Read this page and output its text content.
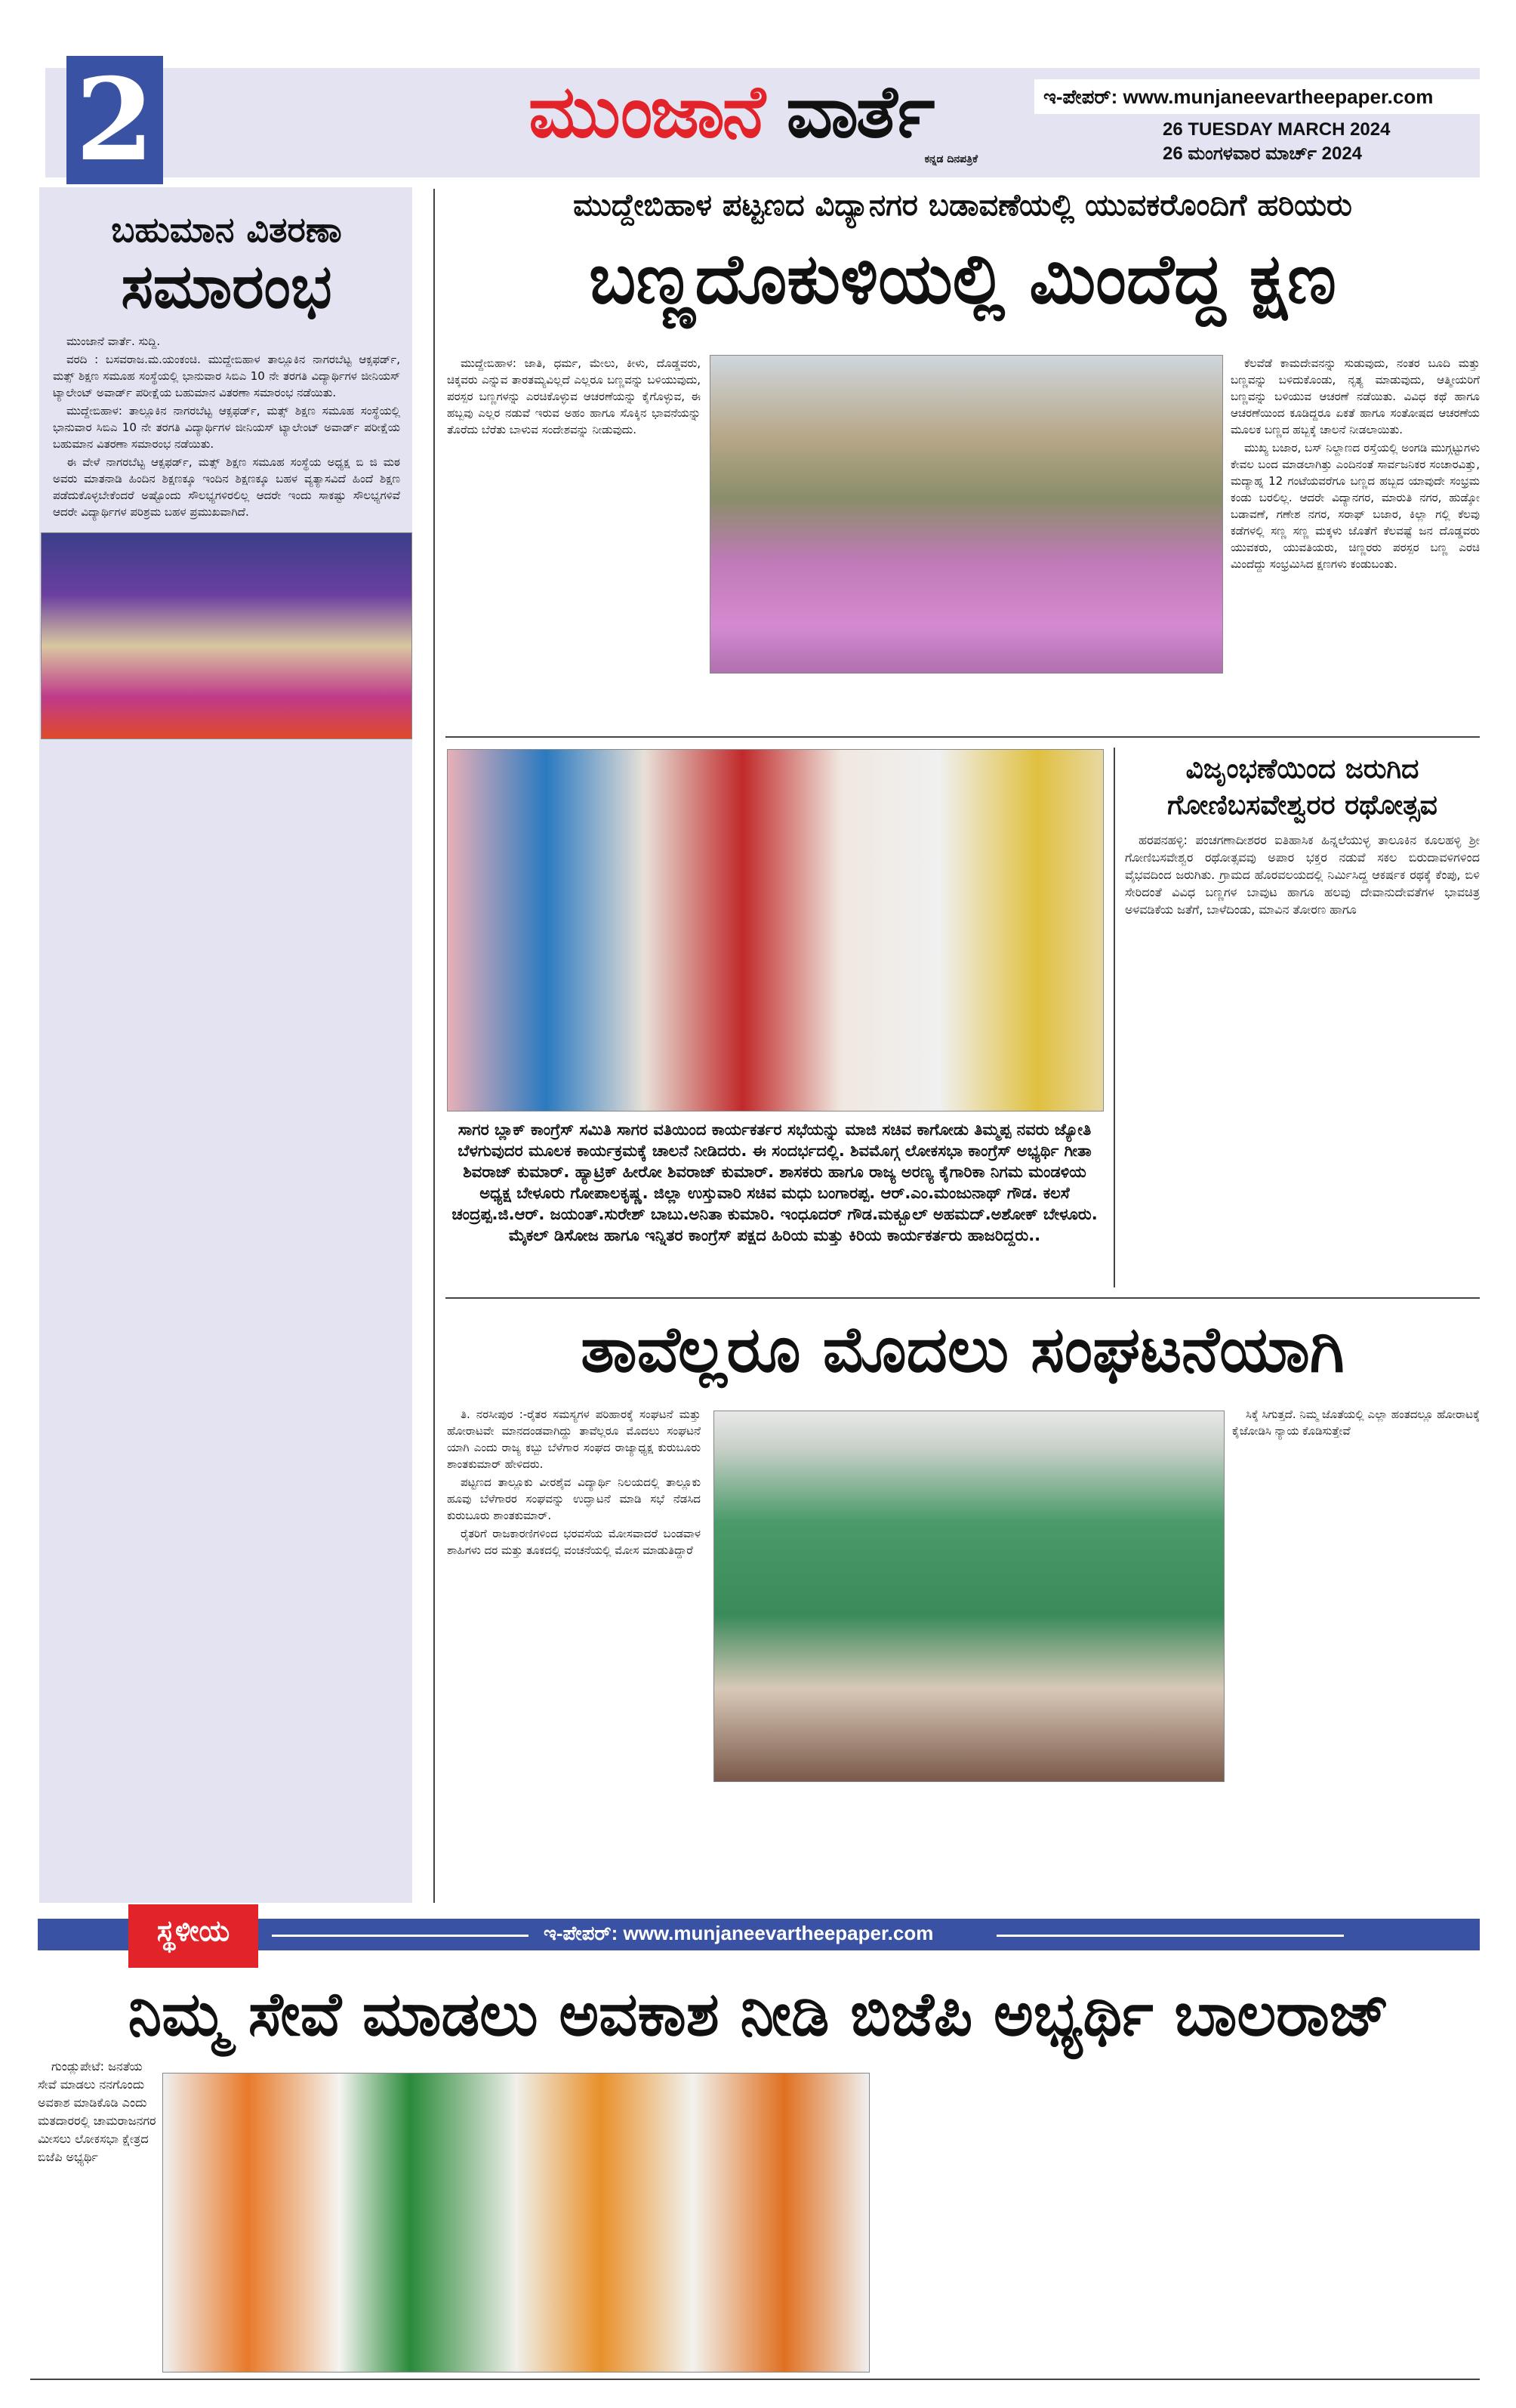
2	ಮುಂಜಾನೆ ವಾರ್ತೆ
ಕನ್ನಡ ದಿನಪತ್ರಿಕೆ
ಇ-ಪೇಪರ್: www.munjaneevartheepaper.com
26 TUESDAY MARCH 2024
26 ಮಂಗಳವಾರ ಮಾರ್ಚ್ 2024
ಬಹುಮಾನ ವಿತರಣಾ
ಸಮಾರಂಭ

ಮುಂಜಾನೆ ವಾರ್ತೆ. ಸುದ್ದಿ.

ವರದಿ : ಬಸವರಾಜ.ಮ.ಯಂಕಂಚಿ. ಮುದ್ದೇಬಿಹಾಳ ತಾಲ್ಲೂಕಿನ ನಾಗರಬೆಟ್ಟ ಆಕ್ಸಫರ್ಡ್, ಮತ್ಸ್ ಶಿಕ್ಷಣ ಸಮೂಹ ಸಂಸ್ಥೆಯಲ್ಲಿ ಭಾನುವಾರ ಸಿಬಿಎ 10 ನೇ ತರಗತಿ ವಿದ್ಯಾರ್ಥಿಗಳ ಜೀನಿಯಸ್ ಟ್ಯಾಲೇಂಟ್ ಅವಾರ್ಡ್ ಪರೀಕ್ಷೆಯ ಬಹುಮಾನ ವಿತರಣಾ ಸಮಾರಂಭ ನಡೆಯಿತು.

ಮುದ್ದೇಬಿಹಾಳ: ತಾಲ್ಲೂಕಿನ ನಾಗರಬೆಟ್ಟ ಆಕ್ಸಫರ್ಡ್, ಮತ್ಸ್ ಶಿಕ್ಷಣ ಸಮೂಹ ಸಂಸ್ಥೆಯಲ್ಲಿ ಭಾನುವಾರ ಸಿಬಿಎ 10 ನೇ ತರಗತಿ ವಿದ್ಯಾರ್ಥಿಗಳ ಜೀನಿಯಸ್ ಟ್ಯಾಲೇಂಟ್ ಅವಾರ್ಡ್ ಪರೀಕ್ಷೆಯ ಬಹುಮಾನ ವಿತರಣಾ ಸಮಾರಂಭ ನಡೆಯಿತು.

ಈ ವೇಳೆ ನಾಗರಬೆಟ್ಟ ಆಕ್ಸಫರ್ಡ್, ಮತ್ಸ್ ಶಿಕ್ಷಣ ಸಮೂಹ ಸಂಸ್ಥೆಯ ಅಧ್ಯಕ್ಷ ಬಿ ಜಿ ಮಠ ಅವರು ಮಾತನಾಡಿ ಹಿಂದಿನ ಶಿಕ್ಷಣಕ್ಕೂ ಇಂದಿನ ಶಿಕ್ಷಣಕ್ಕೂ ಬಹಳ ವ್ಯತ್ಯಾಸವಿದೆ ಹಿಂದೆ ಶಿಕ್ಷಣ ಪಡೆದುಕೊಳ್ಳಬೇಕೆಂದರೆ ಅಷ್ಟೊಂದು ಸೌಲಭ್ಯಗಳಿರಲಿಲ್ಲ ಆದರೇ ಇಂದು ಸಾಕಷ್ಟು ಸೌಲಭ್ಯಗಳಿವೆ ಆದರೇ ವಿದ್ಯಾರ್ಥಿಗಳ ಪರಿಶ್ರಮ ಬಹಳ ಪ್ರಮುಖವಾಗಿದೆ.

ಮುದ್ದೇಬಿಹಾಳ ಪಟ್ಟಣದ ವಿದ್ಯಾನಗರ ಬಡಾವಣೆಯಲ್ಲಿ ಯುವಕರೊಂದಿಗೆ ಹರಿಯರು
ಬಣ್ಣದೊಕುಳಿಯಲ್ಲಿ ಮಿಂದೆದ್ದ ಕ್ಷಣ

ಮುದ್ದೇಬಿಹಾಳ: ಜಾತಿ, ಧರ್ಮ, ಮೇಲು, ಕೀಳು, ದೊಡ್ಡವರು, ಚಿಕ್ಕವರು ಎನ್ನುವ ತಾರತಮ್ಯವಿಲ್ಲದೆ ಎಲ್ಲರೂ ಬಣ್ಣವನ್ನು ಬಳಿಯುವುದು, ಪರಸ್ಪರ ಬಣ್ಣಗಳನ್ನು ಎರಚಿಕೊಳ್ಳುವ ಆಚರಣೆಯನ್ನು ಕೈಗೊಳ್ಳುವ, ಈ ಹಬ್ಬವು ಎಲ್ಲರ ನಡುವೆ ಇರುವ ಅಹಂ ಹಾಗೂ ಸೊಕ್ಕಿನ ಭಾವನೆಯನ್ನು ತೊರೆದು ಬೆರೆತು ಬಾಳುವ ಸಂದೇಶವನ್ನು ನೀಡುವುದು.

ಕೆಲವೆಡೆ ಕಾಮದೇವನನ್ನು ಸುಡುವುದು, ನಂತರ ಬೂದಿ ಮತ್ತು ಬಣ್ಣವನ್ನು ಬಳಿದುಕೊಂಡು, ನೃತ್ಯ ಮಾಡುವುದು, ಆತ್ಮೀಯರಿಗೆ ಬಣ್ಣವನ್ನು ಬಳಿಯುವ ಆಚರಣೆ ನಡೆಯಿತು. ವಿವಿಧ ಕಥೆ ಹಾಗೂ ಆಚರಣೆಯಿಂದ ಕೂಡಿದ್ದರೂ ಏಕತೆ ಹಾಗೂ ಸಂತೋಷದ ಆಚರಣೆಯ ಮೂಲಕ ಬಣ್ಣದ ಹಬ್ಬಕ್ಕೆ ಚಾಲನೆ ನೀಡಲಾಯಿತು.

ಮುಖ್ಯ ಬಜಾರ, ಬಸ್ ನಿಲ್ದಾಣದ ರಸ್ತೆಯಲ್ಲಿ ಅಂಗಡಿ ಮುಗ್ಗಟ್ಟುಗಳು ಕೇವಲ ಬಂದ ಮಾಡಲಾಗಿತ್ತು ಎಂದಿನಂತೆ ಸಾರ್ವಜನಿಕರ ಸಂಚಾರವಿತ್ತು, ಮದ್ಯಾಹ್ನ 12 ಗಂಟೆಯವರೆಗೂ ಬಣ್ಣದ ಹಬ್ಬದ ಯಾವುದೇ ಸಂಭ್ರಮ ಕಂಡು ಬರಲಿಲ್ಲ. ಆದರೇ ವಿದ್ಯಾನಗರ, ಮಾರುತಿ ನಗರ, ಹುಡ್ಕೋ ಬಡಾವಣೆ, ಗಣೇಶ ನಗರ, ಸರಾಫ್ ಬಜಾರ, ಕಿಲ್ಲಾ ಗಲ್ಲಿ ಕೆಲವು ಕಡೆಗಳಲ್ಲಿ ಸಣ್ಣ ಸಣ್ಣ ಮಕ್ಕಳು ಜೊತೆಗೆ ಕೆಲವಷ್ಟೆ ಜನ ದೊಡ್ಡವರು ಯುವಕರು, ಯುವತಿಯರು, ಚಿಣ್ಣರರು ಪರಸ್ಪರ ಬಣ್ಣ ಎರಚಿ ಮಿಂದೆದ್ದು ಸಂಭ್ರಮಿಸಿದ ಕ್ಷಣಗಳು ಕಂಡುಬಂತು.

ಸಾಗರ ಬ್ಲಾಕ್ ಕಾಂಗ್ರೆಸ್ ಸಮಿತಿ ಸಾಗರ ವತಿಯಿಂದ ಕಾರ್ಯಕರ್ತರ ಸಭೆಯನ್ನು ಮಾಜಿ ಸಚಿವ ಕಾಗೋಡು ತಿಮ್ಮಪ್ಪ ನವರು ಜ್ಯೋತಿ ಬೆಳಗುವುದರ ಮೂಲಕ ಕಾರ್ಯಕ್ರಮಕ್ಕೆ ಚಾಲನೆ ನೀಡಿದರು. ಈ ಸಂದರ್ಭದಲ್ಲಿ. ಶಿವಮೊಗ್ಗ ಲೋಕಸಭಾ ಕಾಂಗ್ರೆಸ್ ಅಭ್ಯರ್ಥಿ ಗೀತಾ ಶಿವರಾಜ್ ಕುಮಾರ್. ಹ್ಯಾಟ್ರಿಕ್ ಹೀರೋ ಶಿವರಾಜ್ ಕುಮಾರ್. ಶಾಸಕರು ಹಾಗೂ ರಾಜ್ಯ ಅರಣ್ಯ ಕೈಗಾರಿಕಾ ನಿಗಮ ಮಂಡಳಿಯ ಅಧ್ಯಕ್ಷ ಬೇಳೂರು ಗೋಪಾಲಕೃಷ್ಣ. ಜಿಲ್ಲಾ ಉಸ್ತುವಾರಿ ಸಚಿವ ಮಧು ಬಂಗಾರಪ್ಪ. ಆರ್.ಎಂ.ಮಂಜುನಾಥ್ ಗೌಡ. ಕಲಸೆ ಚಂದ್ರಪ್ಪ.ಜಿ.ಆರ್. ಜಯಂತ್.ಸುರೇಶ್ ಬಾಬು.ಅನಿತಾ ಕುಮಾರಿ. ಇಂಧೂದರ್ ಗೌಡ.ಮಕ್ಬೂಲ್ ಅಹಮದ್.ಅಶೋಕ್ ಬೇಳೂರು. ಮೈಕಲ್ ಡಿಸೋಜ ಹಾಗೂ ಇನ್ನಿತರ ಕಾಂಗ್ರೆಸ್ ಪಕ್ಷದ ಹಿರಿಯ ಮತ್ತು ಕಿರಿಯ ಕಾರ್ಯಕರ್ತರು ಹಾಜರಿದ್ದರು..
ವಿಜೃಂಭಣೆಯಿಂದ ಜರುಗಿದ
ಗೋಣಿಬಸವೇಶ್ವರರ ರಥೋತ್ಸವ

ಹರಪನಹಳ್ಳಿ: ಪಂಚಗಣಾದೀಶರರ ಐತಿಹಾಸಿಕ ಹಿನ್ನಲೆಯುಳ್ಳ ತಾಲೂಕಿನ ಕೂಲಹಳ್ಳಿ ಶ್ರೀ ಗೋಣಿಬಸವೇಶ್ವರ ರಥೋತ್ಸವವು ಅಪಾರ ಭಕ್ತರ ನಡುವೆ ಸಕಲ ಬಿರುದಾವಳಿಗಳಿಂದ ವೈಭವದಿಂದ ಜರುಗಿತು. ಗ್ರಾಮದ ಹೊರವಲಯದಲ್ಲಿ ನಿರ್ಮಿಸಿದ್ದ ಆಕರ್ಷಕ ರಥಕ್ಕೆ ಕೆಂಪು, ಬಿಳಿ ಸೇರಿದಂತೆ ವಿವಿಧ ಬಣ್ಣಗಳ ಬಾವುಟ ಹಾಗೂ ಹಲವು ದೇವಾನುದೇವತೆಗಳ ಭಾವಚಿತ್ರ ಅಳವಡಿಕೆಯ ಜತೆಗೆ, ಬಾಳೆದಿಂಡು, ಮಾವಿನ ತೋರಣ ಹಾಗೂ

ತಾವೆಲ್ಲರೂ ಮೊದಲು ಸಂಘಟನೆಯಾಗಿ

ತಿ. ನರಸೀಪುರ :-ರೈತರ ಸಮಸ್ಯಗಳ ಪರಿಹಾರಕ್ಕೆ ಸಂಘಟನೆ ಮತ್ತು ಹೋರಾಟವೇ ಮಾನದಂಡವಾಗಿದ್ದು ತಾವೆಲ್ಲರೂ ಮೊದಲು ಸಂಘಟನೆ ಯಾಗಿ ಎಂದು ರಾಜ್ಯ ಕಬ್ಬು ಬೆಳೆಗಾರ ಸಂಘದ ರಾಜ್ಯಾಧ್ಯಕ್ಷ ಕುರುಬೂರು ಶಾಂತಕುಮಾರ್ ಹೇಳಿದರು.

ಪಟ್ಟಣದ ತಾಲ್ಲೂಕು ವೀರಶೈವ ವಿದ್ಯಾರ್ಥಿ ನಿಲಯದಲ್ಲಿ ತಾಲ್ಲೂಕು ಹೂವು ಬೆಳೆಗಾರರ ಸಂಘವನ್ನು ಉದ್ಘಾಟನೆ ಮಾಡಿ ಸಭೆ ನೆಡಸಿದ ಕುರುಬೂರು ಶಾಂತಕುಮಾರ್.

ರೈತರಿಗೆ ರಾಜಕಾರಣಿಗಳಿಂದ ಭರವಸೆಯ ಮೋಸವಾದರೆ ಬಂಡವಾಳ ಶಾಹಿಗಳು ದರ ಮತ್ತು ತೂಕದಲ್ಲಿ ವಂಚನೆಯಲ್ಲಿ ಮೋಸ ಮಾಡುತಿದ್ದಾರೆ

ಸಿಕ್ಕೆ ಸಿಗುತ್ತದೆ. ನಿಮ್ಮ ಜೊತೆಯಲ್ಲಿ ಎಲ್ಲಾ ಹಂತದಲ್ಲೂ ಹೋರಾಟಕ್ಕೆ ಕೈಜೋಡಿಸಿ ನ್ಯಾಯ ಕೊಡಿಸುತ್ತೇವೆ

ಇ-ಪೇಪರ್: www.munjaneevartheepaper.com
ಸ್ಥಳೀಯ
ನಿಮ್ಮ ಸೇವೆ ಮಾಡಲು ಅವಕಾಶ ನೀಡಿ ಬಿಜೆಪಿ ಅಭ್ಯರ್ಥಿ ಬಾಲರಾಜ್

ಗುಂಡ್ಲುಪೇಟೆ: ಜನತೆಯ ಸೇವೆ ಮಾಡಲು ನನಗೊಂದು ಅವಕಾಶ ಮಾಡಿಕೊಡಿ ಎಂದು ಮತದಾರರಲ್ಲಿ ಚಾಮರಾಜನಗರ ಮೀಸಲು ಲೋಕಸಭಾ ಕ್ಷೇತ್ರದ ಬಿಜೆಪಿ ಅಭ್ಯರ್ಥಿ
